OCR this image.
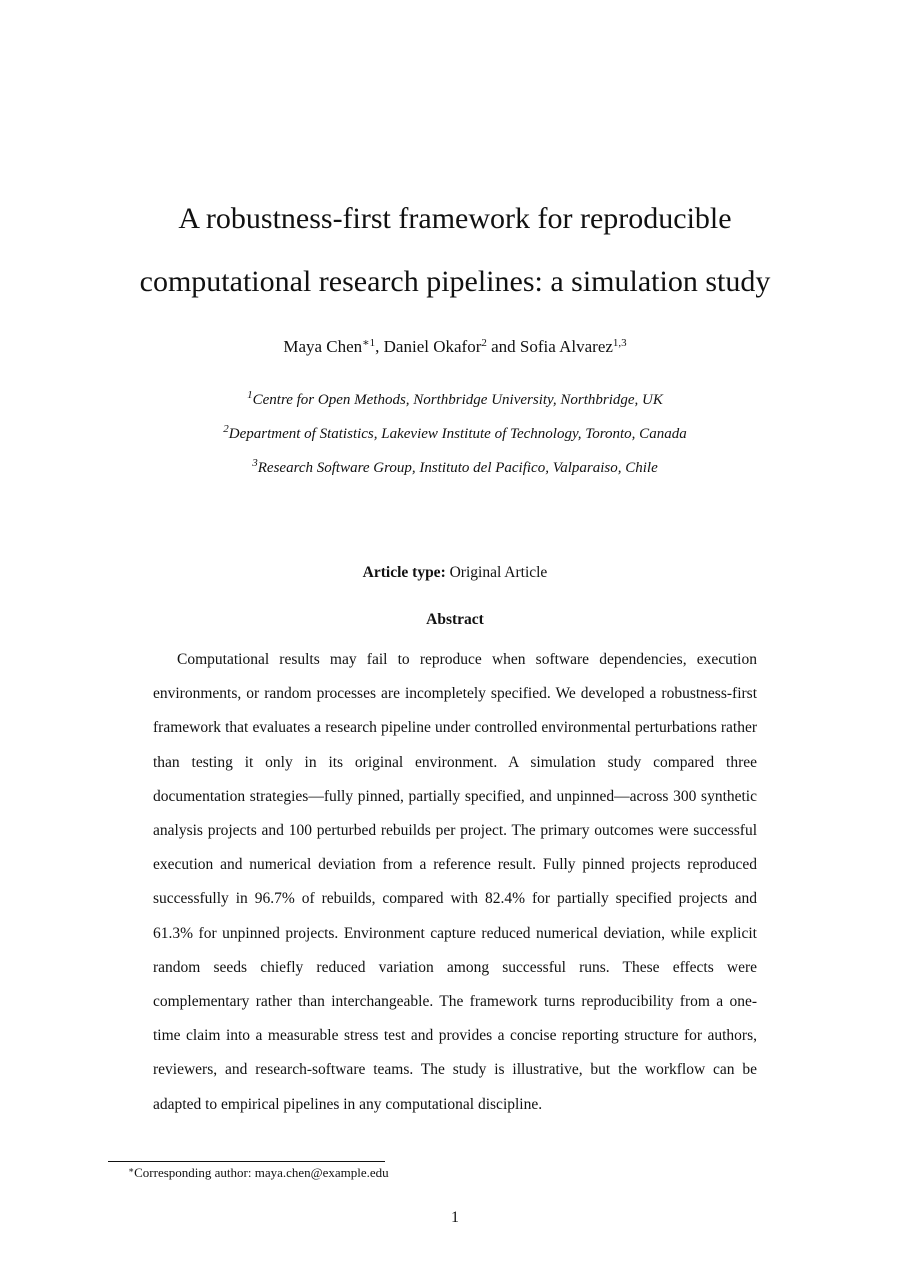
A robustness-first framework for reproducible
computational research pipelines: a simulation study
Maya Chen$^{∗1}$, Daniel Okafor$^2$ and Sofia Alvarez$^{1,3}$
$^1$Centre for Open Methods, Northbridge University, Northbridge, UK
$^2$Department of Statistics, Lakeview Institute of Technology, Toronto, Canada
$^3$Research Software Group, Instituto del Pacifico, Valparaiso, Chile
Article type: Original Article
Abstract

Computational results may fail to reproduce when software dependencies, execution environments, or random processes are incompletely specified. We developed a robustness-first framework that evaluates a research pipeline under controlled environmental perturbations rather than testing it only in its original environment. A simulation study compared three documentation strategies—fully pinned, partially specified, and unpinned—across 300 synthetic analysis projects and 100 perturbed rebuilds per project. The primary outcomes were successful execution and numerical deviation from a reference result. Fully pinned projects reproduced successfully in 96.7% of rebuilds, compared with 82.4% for partially specified projects and 61.3% for unpinned projects. Environment capture reduced numerical deviation, while explicit random seeds chiefly reduced variation among successful runs. These effects were complementary rather than interchangeable. The framework turns reproducibility from a one-time claim into a measurable stress test and provides a concise reporting structure for authors, reviewers, and research-software teams. The study is illustrative, but the workflow can be adapted to empirical pipelines in any computational discipline.

∗Corresponding author: maya.chen@example.edu
1
